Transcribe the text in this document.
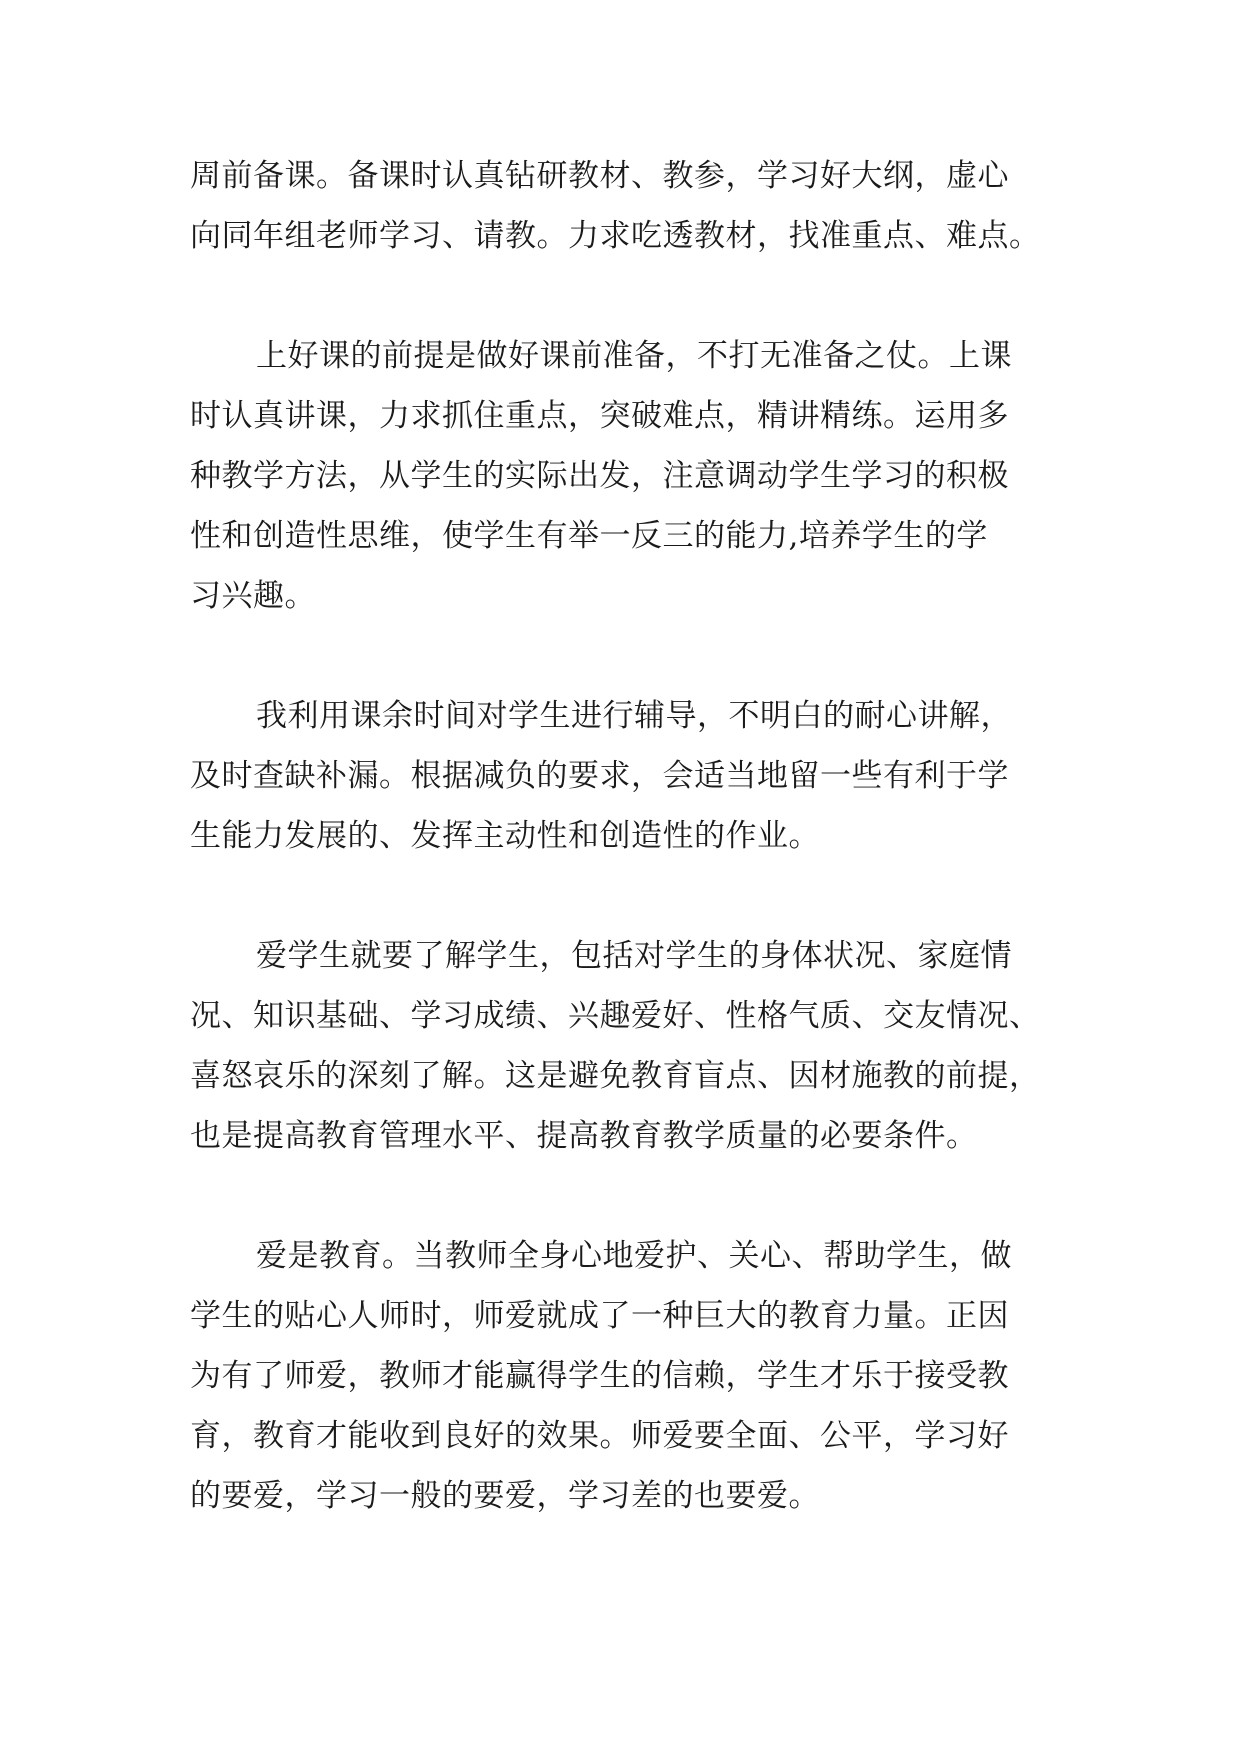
周前备课。备课时认真钻研教材、教参，学习好大纲，虚心
向同年组老师学习、请教。力求吃透教材，找准重点、难点。

上好课的前提是做好课前准备，不打无准备之仗。上课
时认真讲课，力求抓住重点，突破难点，精讲精练。运用多
种教学方法，从学生的实际出发，注意调动学生学习的积极
性和创造性思维，使学生有举一反三的能力,培养学生的学
习兴趣。

我利用课余时间对学生进行辅导，不明白的耐心讲解，
及时查缺补漏。根据减负的要求，会适当地留一些有利于学
生能力发展的、发挥主动性和创造性的作业。

爱学生就要了解学生，包括对学生的身体状况、家庭情
况、知识基础、学习成绩、兴趣爱好、性格气质、交友情况、
喜怒哀乐的深刻了解。这是避免教育盲点、因材施教的前提，
也是提高教育管理水平、提高教育教学质量的必要条件。

爱是教育。当教师全身心地爱护、关心、帮助学生，做
学生的贴心人师时，师爱就成了一种巨大的教育力量。正因
为有了师爱，教师才能赢得学生的信赖，学生才乐于接受教
育，教育才能收到良好的效果。师爱要全面、公平，学习好
的要爱，学习一般的要爱，学习差的也要爱。
